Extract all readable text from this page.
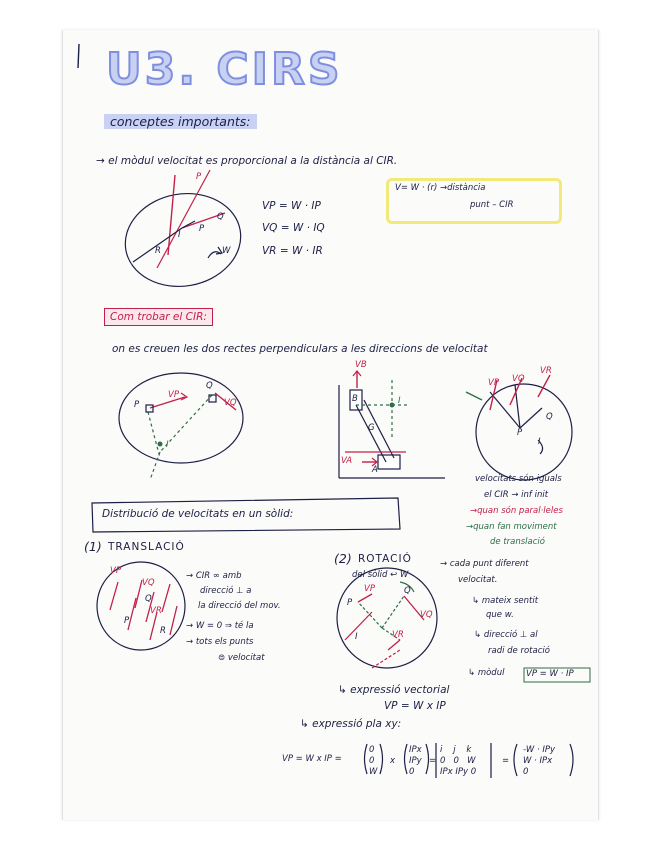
U3. CIRS
conceptes importants:
→ el mòdul velocitat es proporcional a la distància al CIR.
P
P
R
Q
I
W
VP = W · IP
VQ = W · IQ
VR = W · IR
V= W · (r) →distància
punt – CIR
Com trobar el CIR:
on es creuen les dos rectes perpendiculars a les direccions de velocitat
P
VP
Q
VQ
I
VB
VA
I
G
A
B
VP VQ
VR
P
Q
I
velocitats són iguals
el CIR → inf init
→quan són paral·leles
→quan fan moviment
de translació
Distribució de velocitats en un sòlid:
(1) TRANSLACIÓ
VP
VQ
VR
P
Q
R
→ CIR ∞ amb
direcció ⊥ a
la direcció del mov.
→ W = 0 ⇒ té la
→ tots els punts
⊜ velocitat
(2) ROTACIÓ
del sòlid ↩ W
VP
VQ
VR
P
Q
I
→ cada punt diferent
velocitat.
↳ mateix sentit
que w.
↳ direcció ⊥ al
radi de rotació
↳ mòdul	VP = W · IP
↳ expressió vectorial
VP = W x IP
↳ expressió pla xy:
VP = W x IP =
0
0
W
x
IPx
IPy
0
=
i j k
0 0 W
IPx IPy 0
=
-W · IPy
W · IPx
0
